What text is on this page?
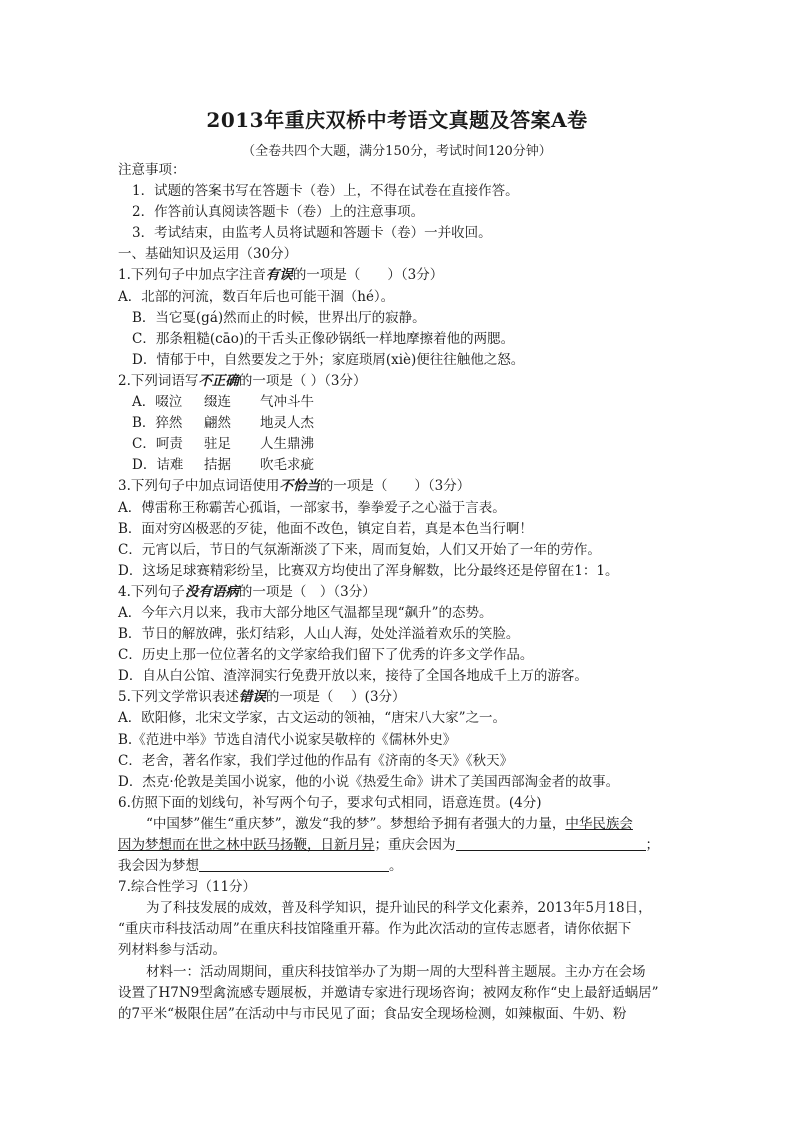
2013年重庆双桥中考语文真题及答案A卷
（全卷共四个大题，满分150分，考试时间120分钟）
注意事项：
1．试题的答案书写在答题卡（卷）上，不得在试卷在直接作答。
2．作答前认真阅读答题卡（卷）上的注意事项。
3．考试结束，由监考人员将试题和答题卡（卷）一并收回。
一、基础知识及运用（30分）
1.下列句子中加点字注音有误的一项是（　　）（3分）
A．北部的河流，数百年后也可能干涸（hé）。
B．当它戛(gá)然而止的时候，世界出厅的寂静。
C．那条粗糙(cāo)的干舌头正像砂锅纸一样地摩擦着他的两腮。
D．情郁于中，自然要发之于外；家庭琐屑(xiè)便往往触他之怒。
2.下列词语写不正确的一项是（ ）（3分）
A．啜泣 缀连 气冲斗牛
B．猝然 翩然 地灵人杰
C．呵责 驻足 人生鼎沸
D．诘难 拮据 吹毛求疵
3.下列句子中加点词语使用不恰当的一项是（　　）（3分）
A．傅雷称王称霸苦心孤诣，一部家书，拳拳爱子之心溢于言表。
B．面对穷凶极恶的歹徒，他面不改色，镇定自若，真是本色当行啊！
C．元宵以后，节日的气氛渐渐淡了下来，周而复始，人们又开始了一年的劳作。
D．这场足球赛精彩纷呈，比赛双方均使出了浑身解数，比分最终还是停留在1：1。
4.下列句子没有语病的一项是（　）（3分）
A．今年六月以来，我市大部分地区气温都呈现“飙升”的态势。
B．节日的解放碑，张灯结彩，人山人海，处处洋溢着欢乐的笑脸。
C．历史上那一位位著名的文学家给我们留下了优秀的许多文学作品。
D．自从白公馆、渣滓洞实行免费开放以来，接待了全国各地成千上万的游客。
5.下列文学常识表述错误的一项是（　 ）(3分）
A．欧阳修，北宋文学家，古文运动的领袖，“唐宋八大家”之一。
B.《范进中举》节选自清代小说家吴敬梓的《儒林外史》
C．老舍，著名作家，我们学过他的作品有《济南的冬天》《秋天》
D．杰克·伦敦是美国小说家，他的小说《热爱生命》讲术了美国西部淘金者的故事。
6.仿照下面的划线句，补写两个句子，要求句式相同，语意连贯。(4分)
“中国梦”催生“重庆梦”，激发“我的梦”。梦想给予拥有者强大的力量，中华民族会
因为梦想而在世之林中跃马扬鞭，日新月异；重庆会因为	；
我会因为梦想	。
7.综合性学习（11分）
为了科技发展的成效，普及科学知识，提升讪民的科学文化素养，2013年5月18日，
“重庆市科技活动周”在重庆科技馆隆重开幕。作为此次活动的宣传志愿者，请你依据下
列材料参与活动。
材料一：活动周期间，重庆科技馆举办了为期一周的大型科普主题展。主办方在会场
设置了H7N9型禽流感专题展板，并邀请专家进行现场咨询；被网友称作“史上最舒适蜗居”
的7平米“极限住居”在活动中与市民见了面；食品安全现场检测，如辣椒面、牛奶、粉
